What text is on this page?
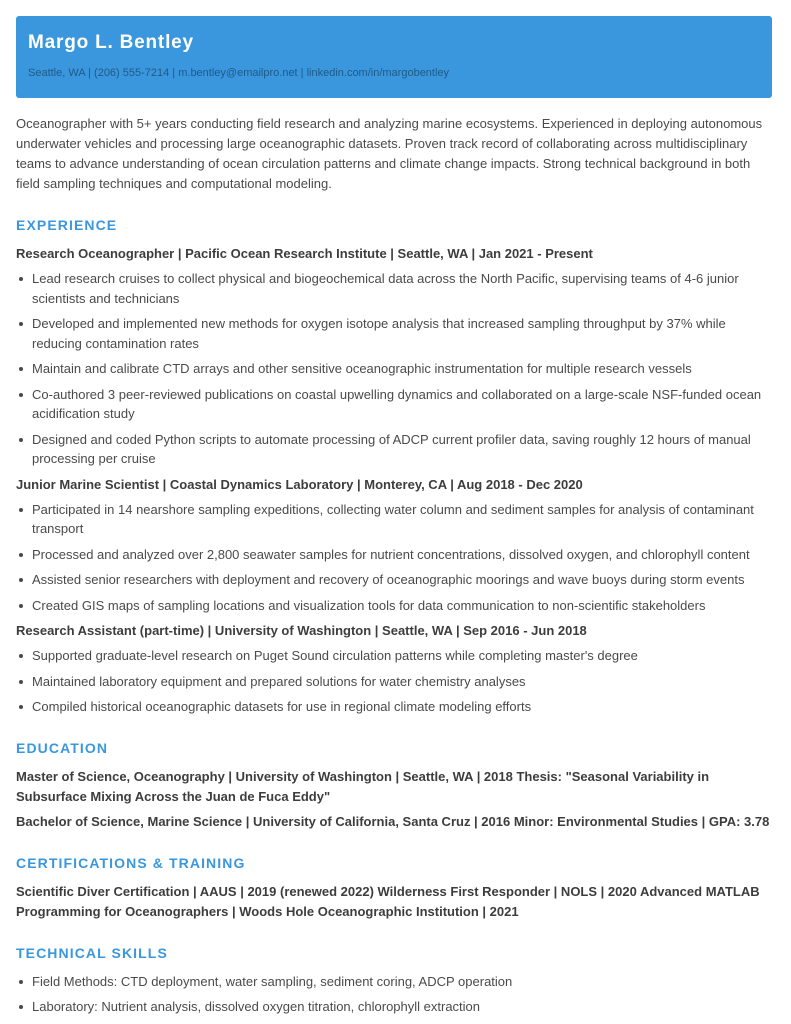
Margo L. Bentley
Seattle, WA | (206) 555-7214 | m.bentley@emailpro.net | linkedin.com/in/margobentley

Oceanographer with 5+ years conducting field research and analyzing marine ecosystems. Experienced in deploying autonomous underwater vehicles and processing large oceanographic datasets. Proven track record of collaborating across multidisciplinary teams to advance understanding of ocean circulation patterns and climate change impacts. Strong technical background in both field sampling techniques and computational modeling.

EXPERIENCE
Research Oceanographer | Pacific Ocean Research Institute | Seattle, WA | Jan 2021 - Present
Lead research cruises to collect physical and biogeochemical data across the North Pacific, supervising teams of 4-6 junior scientists and technicians
Developed and implemented new methods for oxygen isotope analysis that increased sampling throughput by 37% while reducing contamination rates
Maintain and calibrate CTD arrays and other sensitive oceanographic instrumentation for multiple research vessels
Co-authored 3 peer-reviewed publications on coastal upwelling dynamics and collaborated on a large-scale NSF-funded ocean acidification study
Designed and coded Python scripts to automate processing of ADCP current profiler data, saving roughly 12 hours of manual processing per cruise
Junior Marine Scientist | Coastal Dynamics Laboratory | Monterey, CA | Aug 2018 - Dec 2020
Participated in 14 nearshore sampling expeditions, collecting water column and sediment samples for analysis of contaminant transport
Processed and analyzed over 2,800 seawater samples for nutrient concentrations, dissolved oxygen, and chlorophyll content
Assisted senior researchers with deployment and recovery of oceanographic moorings and wave buoys during storm events
Created GIS maps of sampling locations and visualization tools for data communication to non-scientific stakeholders
Research Assistant (part-time) | University of Washington | Seattle, WA | Sep 2016 - Jun 2018
Supported graduate-level research on Puget Sound circulation patterns while completing master's degree
Maintained laboratory equipment and prepared solutions for water chemistry analyses
Compiled historical oceanographic datasets for use in regional climate modeling efforts
EDUCATION
Master of Science, Oceanography | University of Washington | Seattle, WA | 2018 Thesis: "Seasonal Variability in Subsurface Mixing Across the Juan de Fuca Eddy"
Bachelor of Science, Marine Science | University of California, Santa Cruz | 2016 Minor: Environmental Studies | GPA: 3.78
CERTIFICATIONS & TRAINING
Scientific Diver Certification | AAUS | 2019 (renewed 2022) Wilderness First Responder | NOLS | 2020 Advanced MATLAB Programming for Oceanographers | Woods Hole Oceanographic Institution | 2021
TECHNICAL SKILLS
Field Methods: CTD deployment, water sampling, sediment coring, ADCP operation
Laboratory: Nutrient analysis, dissolved oxygen titration, chlorophyll extraction
